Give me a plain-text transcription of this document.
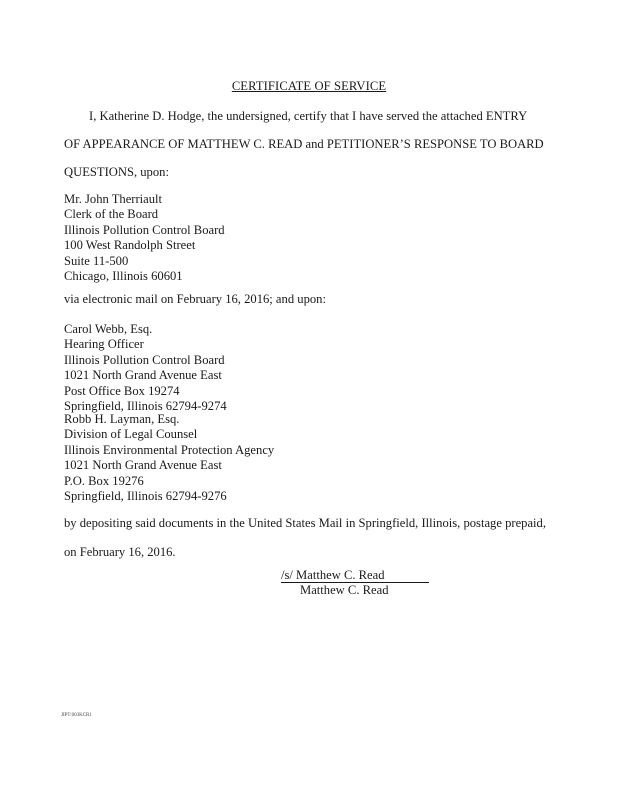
CERTIFICATE OF SERVICE
I, Katherine D. Hodge, the undersigned, certify that I have served the attached ENTRY
OF APPEARANCE OF MATTHEW C. READ and PETITIONER’S RESPONSE TO BOARD
QUESTIONS, upon:
Mr. John Therriault
Clerk of the Board
Illinois Pollution Control Board
100 West Randolph Street
Suite 11-500
Chicago, Illinois 60601
via electronic mail on February 16, 2016; and upon:
Carol Webb, Esq.
Hearing Officer
Illinois Pollution Control Board
1021 North Grand Avenue East
Post Office Box 19274
Springfield, Illinois 62794-9274
Robb H. Layman, Esq.
Division of Legal Counsel
Illinois Environmental Protection Agency
1021 North Grand Avenue East
P.O. Box 19276
Springfield, Illinois 62794-9276
by depositing said documents in the United States Mail in Springfield, Illinois, postage prepaid,
on February 16, 2016.
/s/ Matthew C. Read
Matthew C. Read
JIPT:003KCR1
